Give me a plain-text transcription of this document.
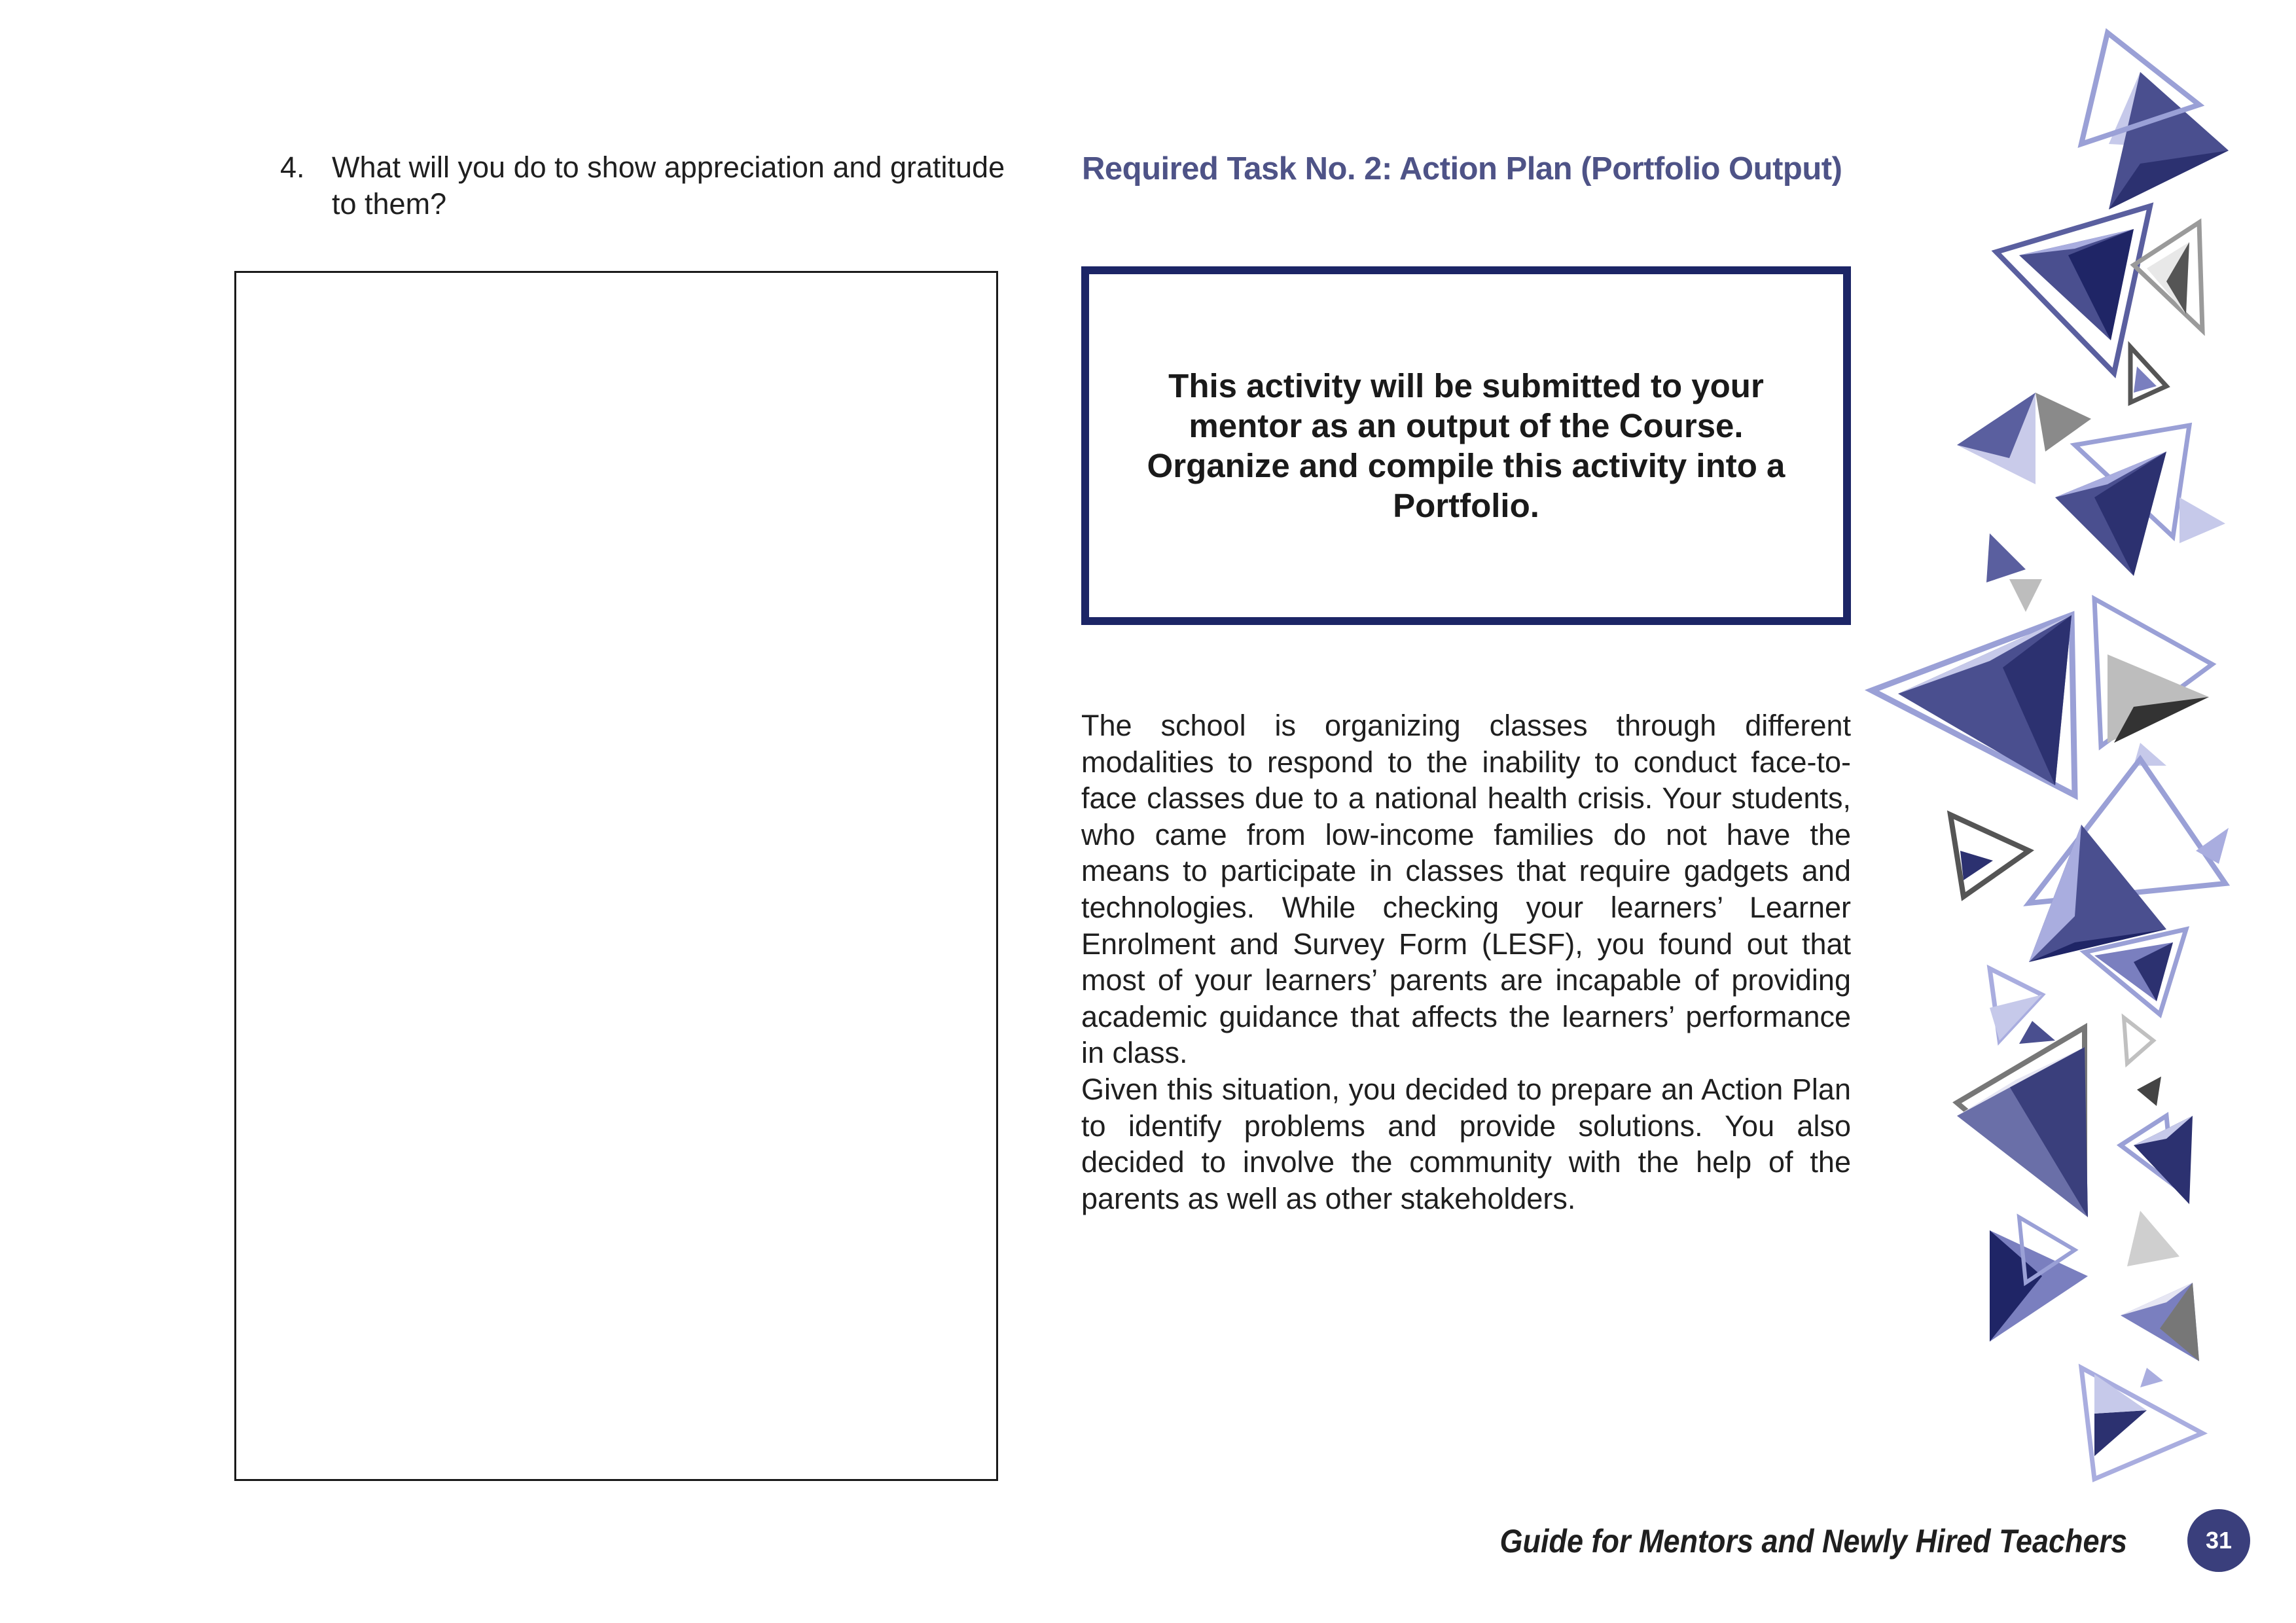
4. What will you do to show appreciation and gratitude to them?
Required Task No. 2: Action Plan (Portfolio Output)

This activity will be submitted to your mentor as an output of the Course. Organize and compile this activity into a Portfolio.

The school is organizing classes through different modalities to respond to the inability to conduct face-to-face classes due to a national health crisis. Your students, who came from low-income families do not have the means to participate in classes that require gadgets and technologies. While checking your learners’ Learner Enrolment and Survey Form (LESF), you found out that most of your learners’ parents are incapable of providing academic guidance that affects the learners’ performance in class.

Given this situation, you decided to prepare an Action Plan to identify problems and provide solutions. You also decided to involve the community with the help of the parents as well as other stakeholders.

Guide for Mentors and Newly Hired Teachers	31
